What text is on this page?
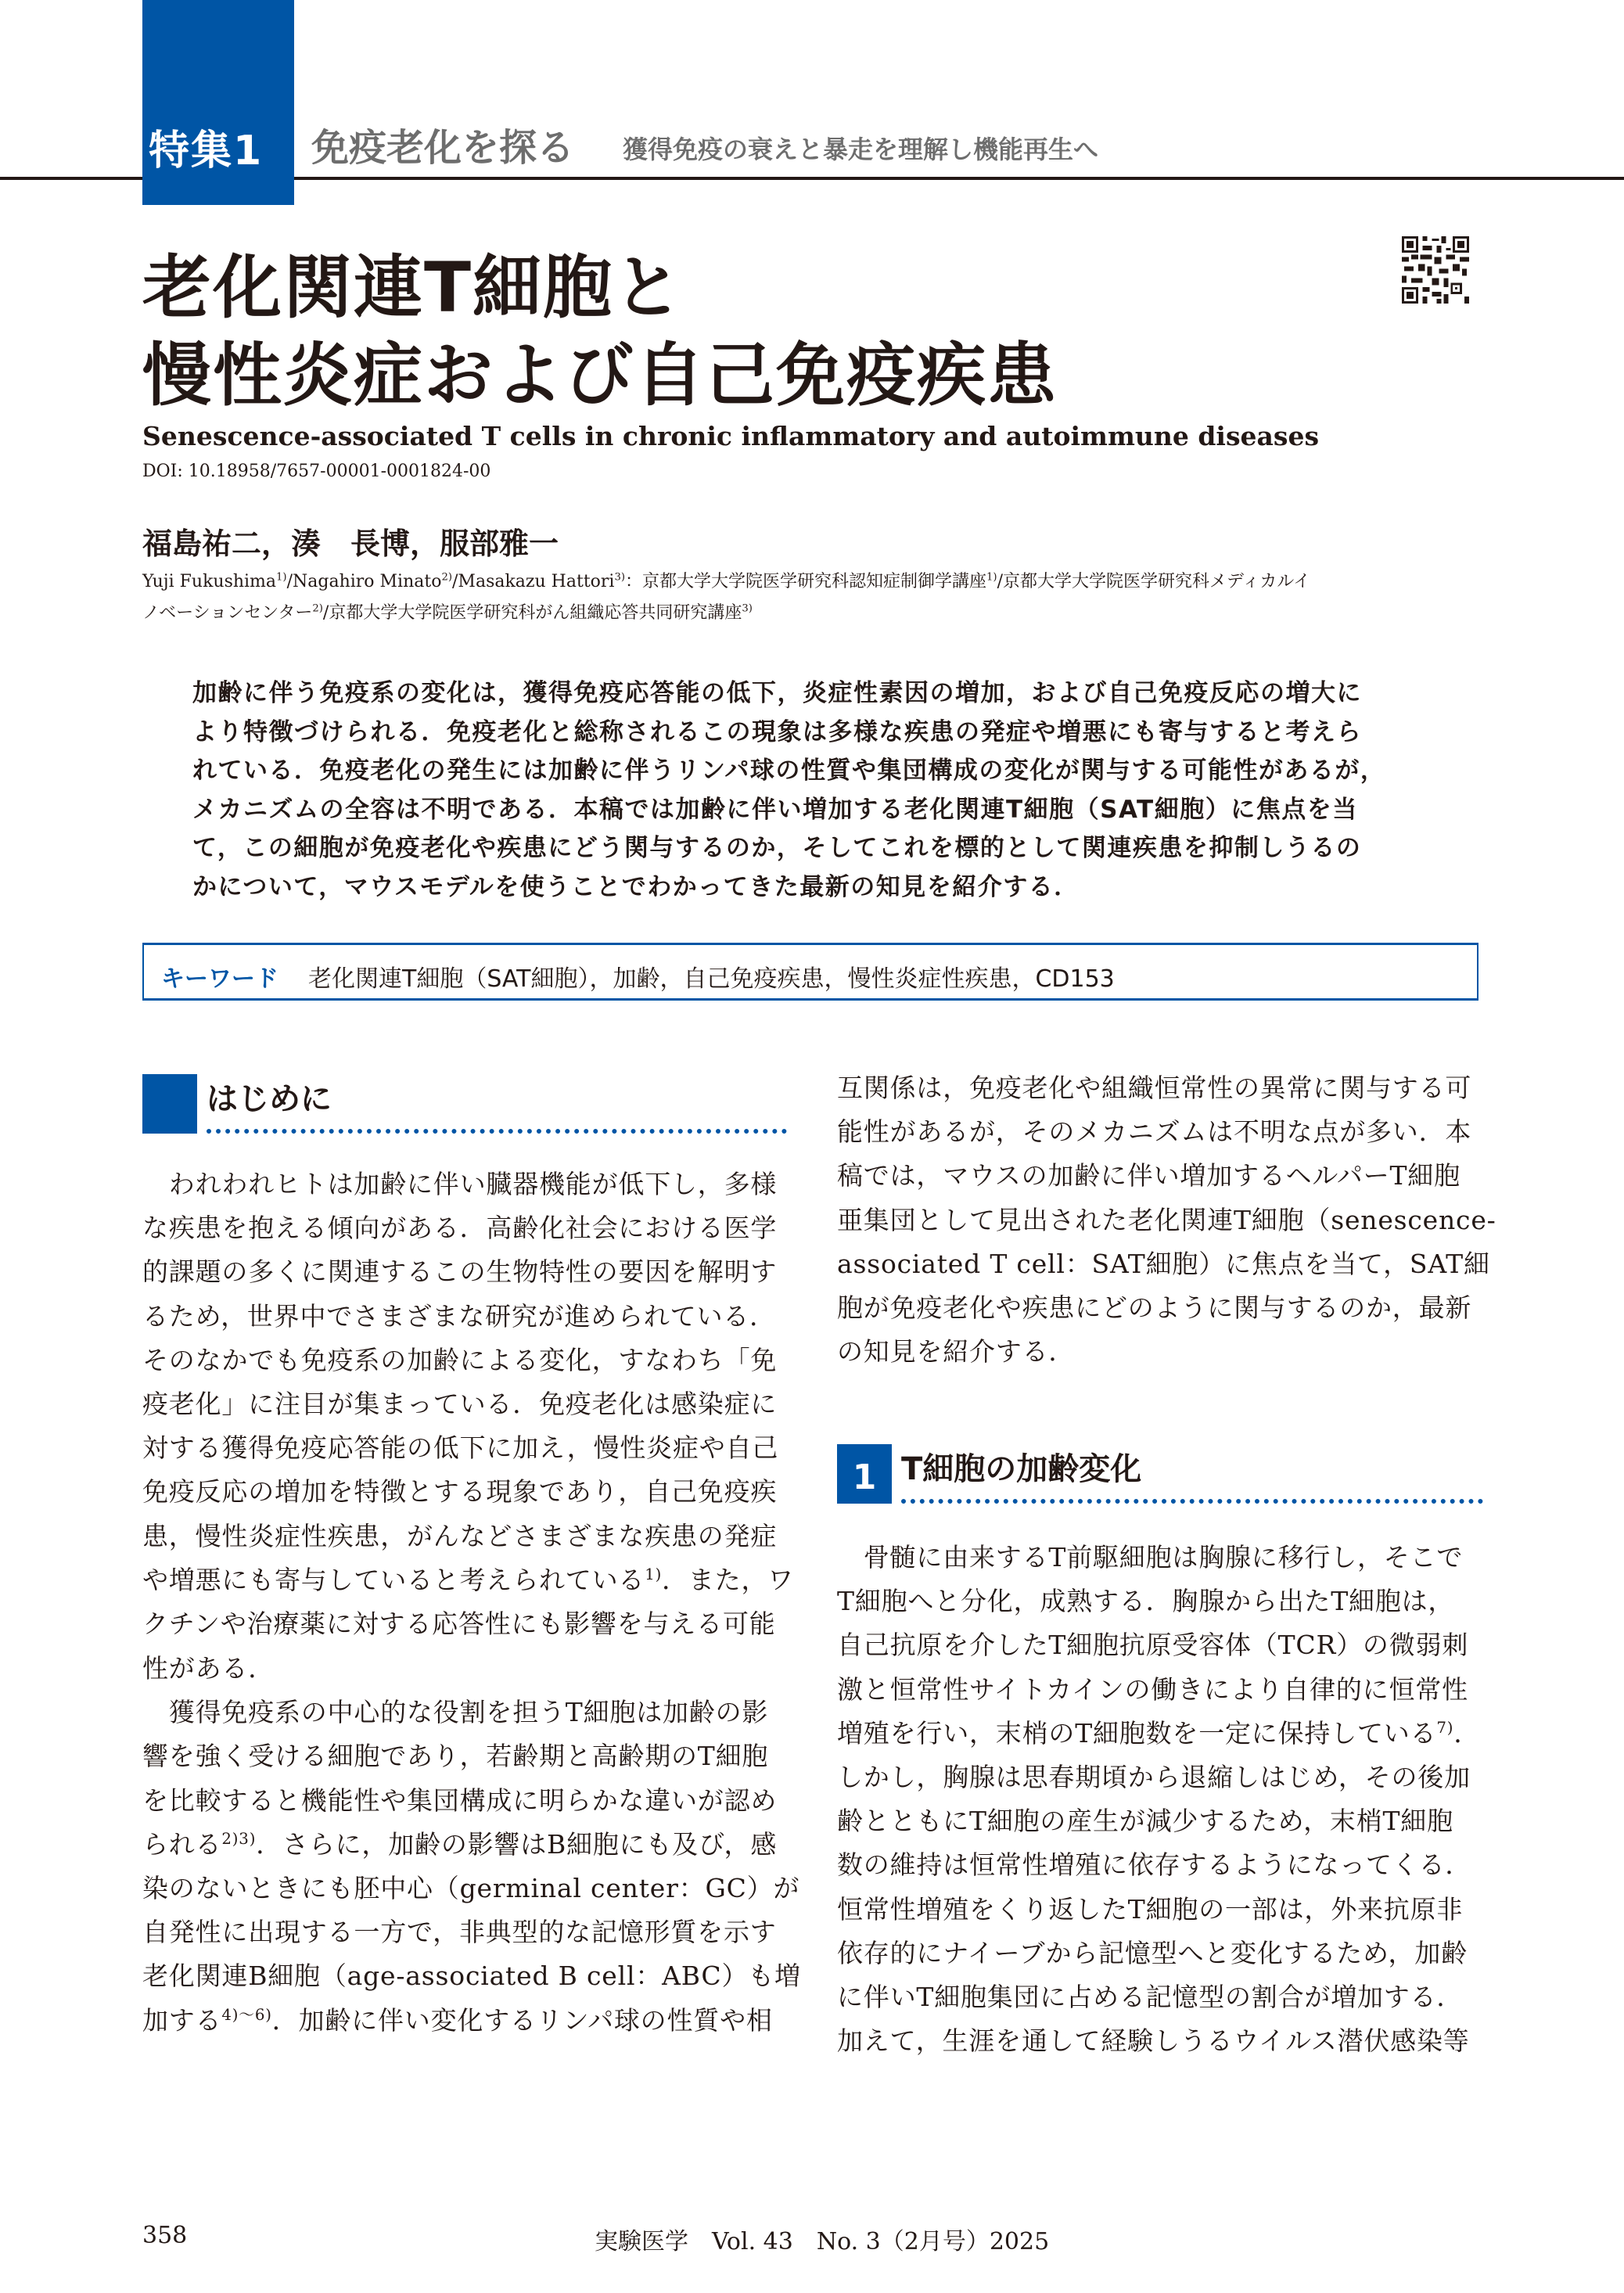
特集1	免疫老化を探る 獲得免疫の衰えと暴走を理解し機能再生へ
老化関連T細胞と
慢性炎症および自己免疫疾患
Senescence-associated T cells in chronic inflammatory and autoimmune diseases
DOI: 10.18958/7657-00001-0001824-00
福島祐二，湊　長博，服部雅一
Yuji Fukushima$^{1)}$/Nagahiro Minato$^{2)}$/Masakazu Hattori$^{3)}$：京都大学大学院医学研究科認知症制御学講座$^{1)}$/京都大学大学院医学研究科メディカルイ
ノベーションセンター$^{2)}$/京都大学大学院医学研究科がん組織応答共同研究講座$^{3)}$
加齢に伴う免疫系の変化は，獲得免疫応答能の低下，炎症性素因の増加，および自己免疫反応の増大に
より特徴づけられる．免疫老化と総称されるこの現象は多様な疾患の発症や増悪にも寄与すると考えら
れている．免疫老化の発生には加齢に伴うリンパ球の性質や集団構成の変化が関与する可能性があるが，
メカニズムの全容は不明である．本稿では加齢に伴い増加する老化関連T細胞（SAT細胞）に焦点を当
て，この細胞が免疫老化や疾患にどう関与するのか，そしてこれを標的として関連疾患を抑制しうるの
かについて，マウスモデルを使うことでわかってきた最新の知見を紹介する．
キーワード 老化関連T細胞（SAT細胞），加齢，自己免疫疾患，慢性炎症性疾患，CD153
はじめに
　われわれヒトは加齢に伴い臓器機能が低下し，多様
な疾患を抱える傾向がある．高齢化社会における医学
的課題の多くに関連するこの生物特性の要因を解明す
るため，世界中でさまざまな研究が進められている．
そのなかでも免疫系の加齢による変化，すなわち「免
疫老化」に注目が集まっている．免疫老化は感染症に
対する獲得免疫応答能の低下に加え，慢性炎症や自己
免疫反応の増加を特徴とする現象であり，自己免疫疾
患，慢性炎症性疾患，がんなどさまざまな疾患の発症
や増悪にも寄与していると考えられている$^{1)}$．また，ワ
クチンや治療薬に対する応答性にも影響を与える可能
性がある．
　獲得免疫系の中心的な役割を担うT細胞は加齢の影
響を強く受ける細胞であり，若齢期と高齢期のT細胞
を比較すると機能性や集団構成に明らかな違いが認め
られる$^{2)3)}$．さらに，加齢の影響はB細胞にも及び，感
染のないときにも胚中心（germinal center：GC）が
自発性に出現する一方で，非典型的な記憶形質を示す
老化関連B細胞（age-associated B cell：ABC）も増
加する$^{4)\sim 6)}$．加齢に伴い変化するリンパ球の性質や相
互関係は，免疫老化や組織恒常性の異常に関与する可
能性があるが，そのメカニズムは不明な点が多い．本
稿では，マウスの加齢に伴い増加するヘルパーT細胞
亜集団として見出された老化関連T細胞（senescence-
associated T cell：SAT細胞）に焦点を当て，SAT細
胞が免疫老化や疾患にどのように関与するのか，最新
の知見を紹介する．
1 T細胞の加齢変化
　骨髄に由来するT前駆細胞は胸腺に移行し，そこで
T細胞へと分化，成熟する．胸腺から出たT細胞は，
自己抗原を介したT細胞抗原受容体（TCR）の微弱刺
激と恒常性サイトカインの働きにより自律的に恒常性
増殖を行い，末梢のT細胞数を一定に保持している$^{7)}$．
しかし，胸腺は思春期頃から退縮しはじめ，その後加
齢とともにT細胞の産生が減少するため，末梢T細胞
数の維持は恒常性増殖に依存するようになってくる．
恒常性増殖をくり返したT細胞の一部は，外来抗原非
依存的にナイーブから記憶型へと変化するため，加齢
に伴いT細胞集団に占める記憶型の割合が増加する．
加えて，生涯を通して経験しうるウイルス潜伏感染等
358	実験医学　Vol. 43　No. 3（2月号）2025
